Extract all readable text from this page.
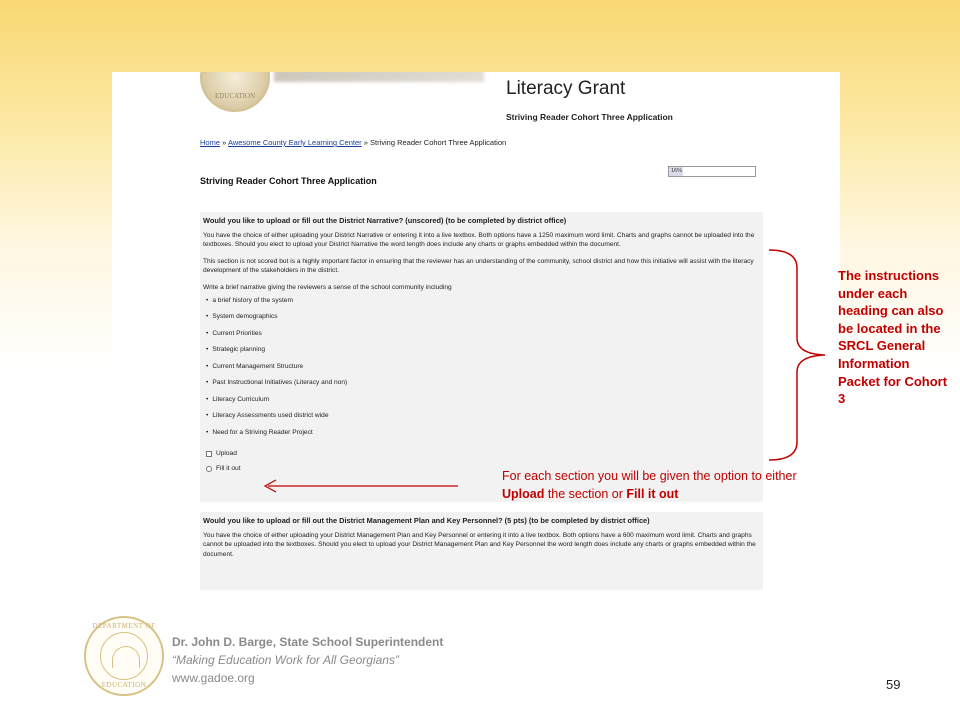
EDUCATION	Literacy Grant
Striving Reader Cohort Three Application
Home » Awesome County Early Learning Center » Striving Reader Cohort Three Application
16%
Striving Reader Cohort Three Application
Would you like to upload or fill out the District Narrative? (unscored) (to be completed by district office)
You have the choice of either uploading your District Narrative or entering it into a live textbox. Both options have a 1250 maximum word limit. Charts and graphs cannot be uploaded into the textboxes. Should you elect to upload your District Narrative the word length does include any charts or graphs embedded within the document.
This section is not scored but is a highly important factor in ensuring that the reviewer has an understanding of the community, school district and how this initiative will assist with the literacy development of the stakeholders in the district.
Write a brief narrative giving the reviewers a sense of the school community including
• a brief history of the system
• System demographics
• Current Priorities
• Strategic planning
• Current Management Structure
• Past Instructional Initiatives (Literacy and non)
• Literacy Curriculum
• Literacy Assessments used district wide
• Need for a Striving Reader Project
Upload
Fill it out
Would you like to upload or fill out the District Management Plan and Key Personnel? (5 pts) (to be completed by district office)
You have the choice of either uploading your District Management Plan and Key Personnel or entering it into a live textbox. Both options have a 600 maximum word limit. Charts and graphs cannot be uploaded into the textboxes. Should you elect to upload your District Management Plan and Key Personnel the word length does include any charts or graphs embedded within the document.
The instructions under each heading can also be located in the SRCL General Information Packet for Cohort 3
For each section you will be given the option to either Upload the section or Fill it out
DEPARTMENT OF
EDUCATION
Dr. John D. Barge, State School Superintendent
“Making Education Work for All Georgians”
www.gadoe.org	59
